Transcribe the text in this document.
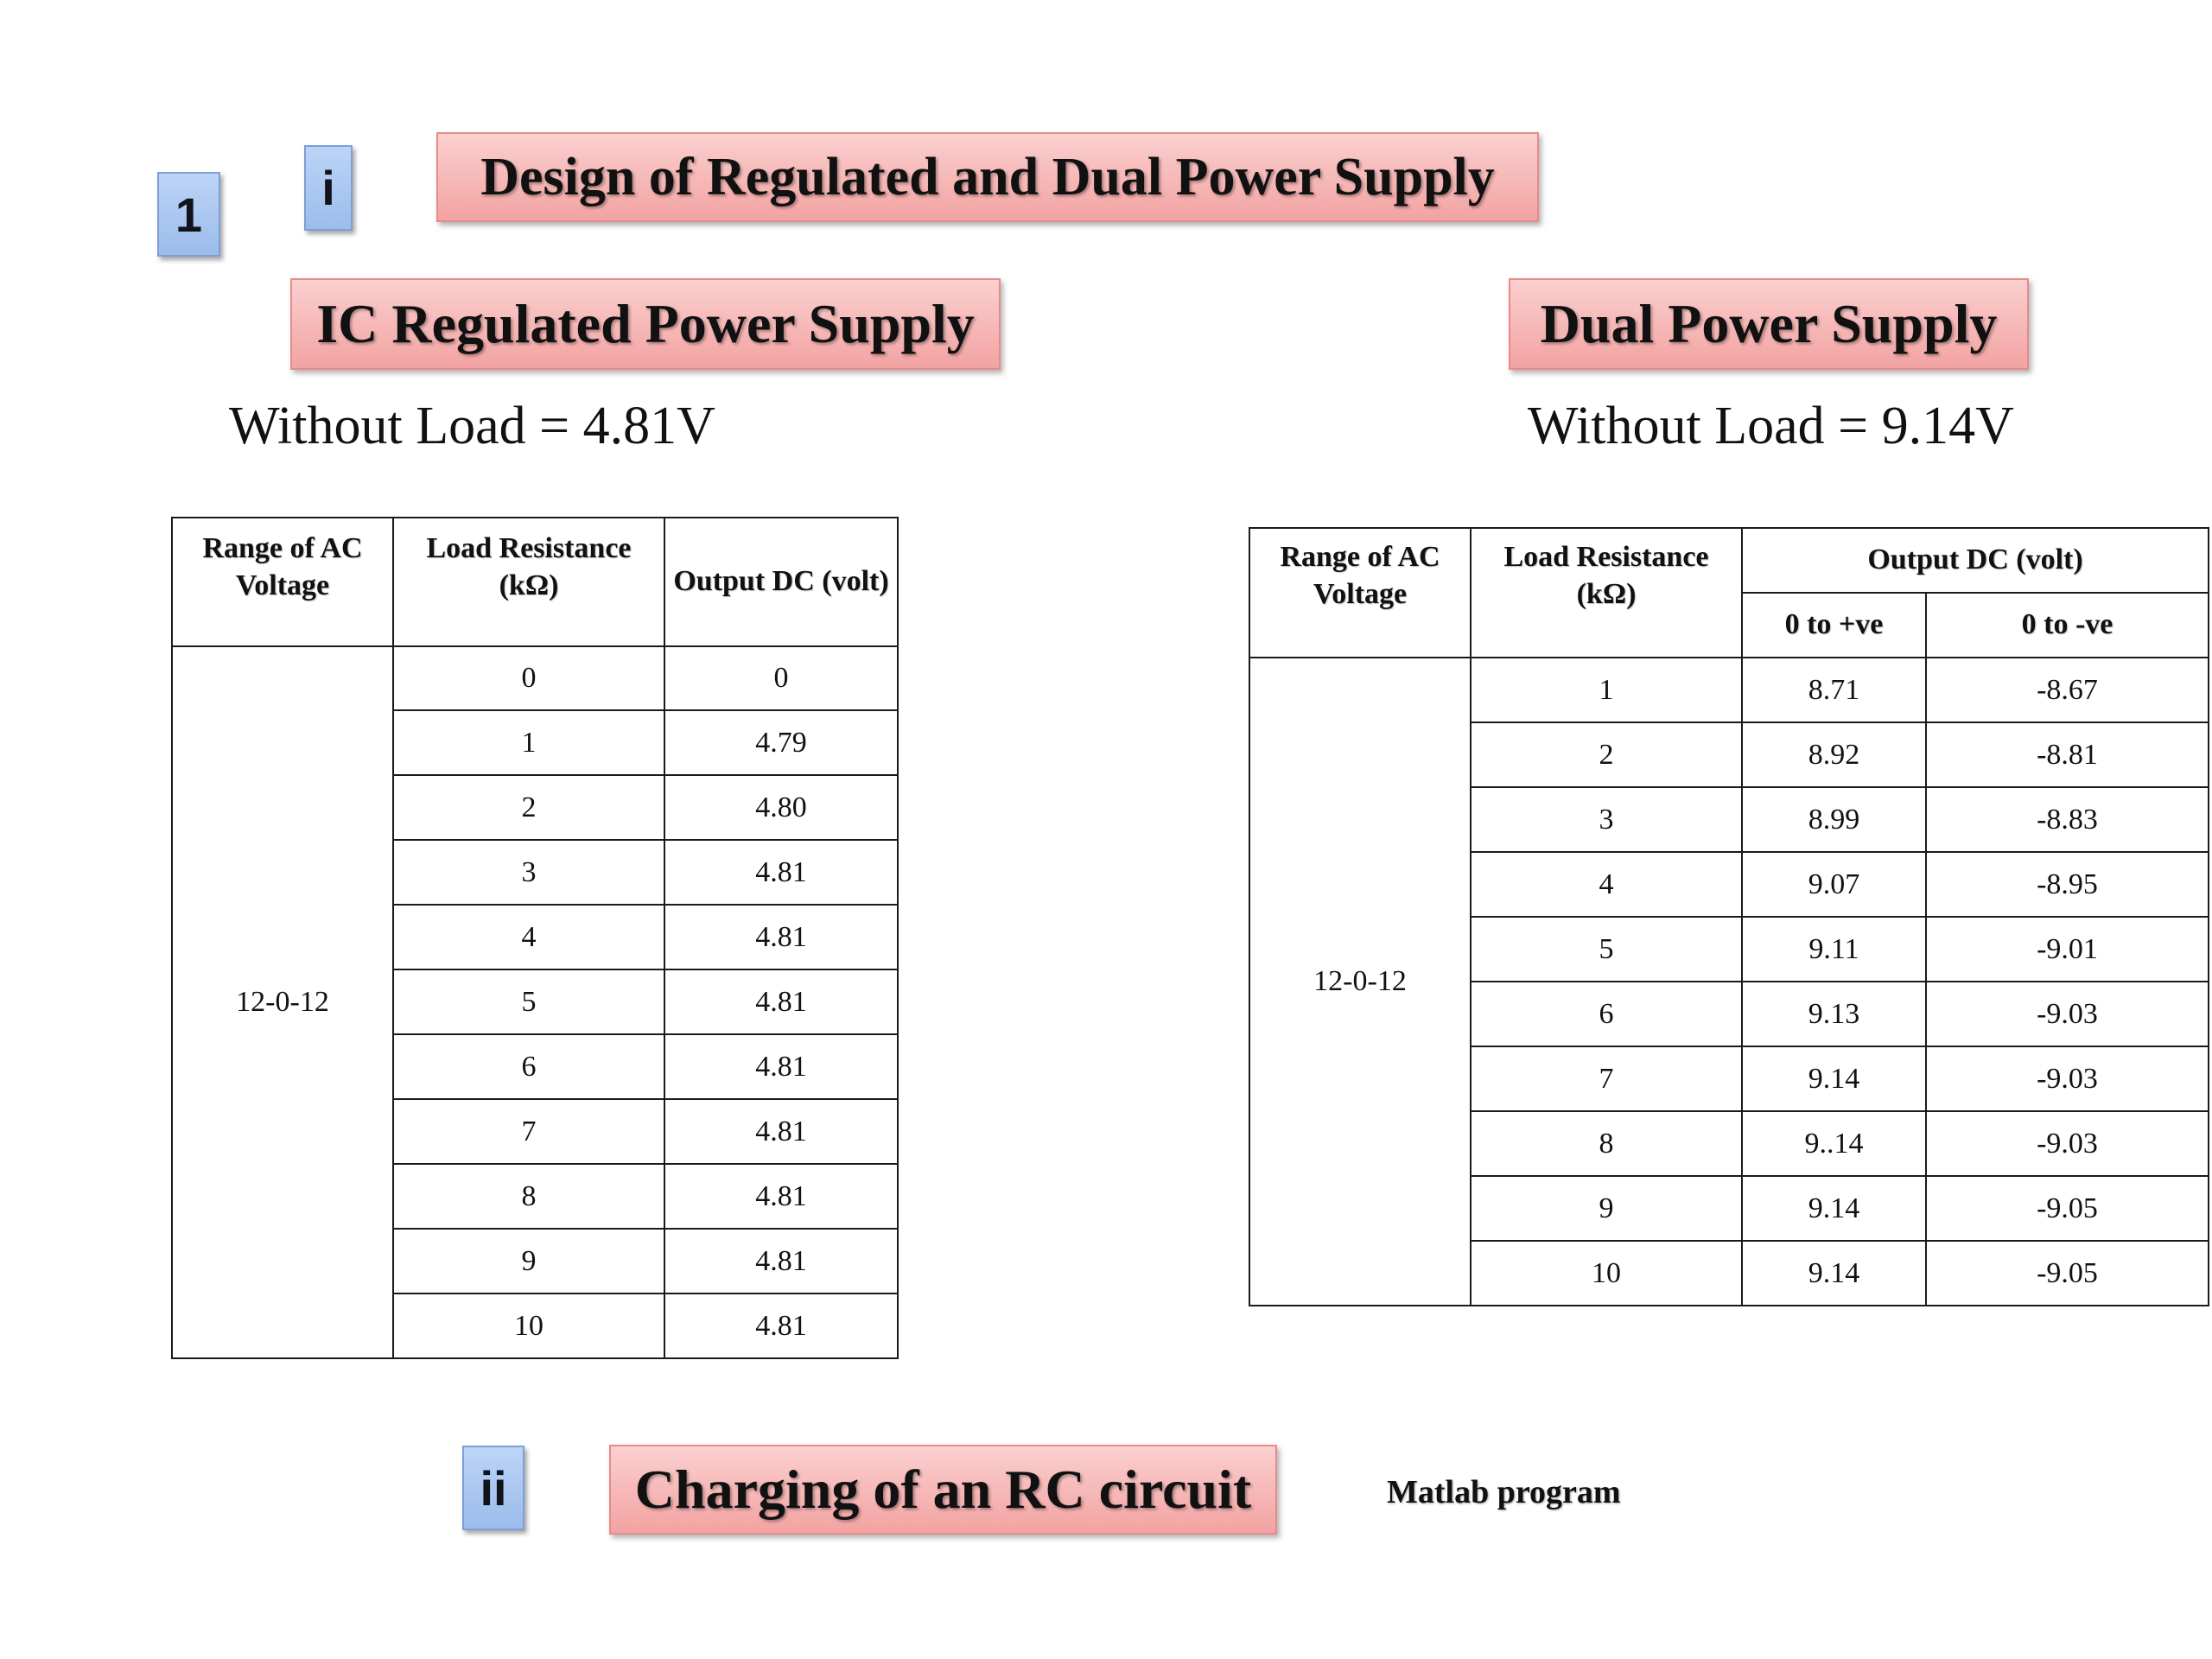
1	i
ii
Design of Regulated and Dual Power Supply
IC Regulated Power Supply	Dual Power Supply
Charging of an RC circuit
Without Load = 4.81V	Without Load = 9.14V
Range of AC Voltage	Load Resistance (kΩ)	Output DC (volt)
12-0-12	0	0
	1	4.79
	2	4.80
	3	4.81
	4	4.81
	5	4.81
	6	4.81
	7	4.81
	8	4.81
	9	4.81
	10	4.81
Range of AC Voltage	Load Resistance (kΩ)	Output DC (volt)	
		0 to +ve	0 to -ve
12-0-12	1	8.71	-8.67
	2	8.92	-8.81
	3	8.99	-8.83
	4	9.07	-8.95
	5	9.11	-9.01
	6	9.13	-9.03
	7	9.14	-9.03
	8	9..14	-9.03
	9	9.14	-9.05
	10	9.14	-9.05
Matlab program
